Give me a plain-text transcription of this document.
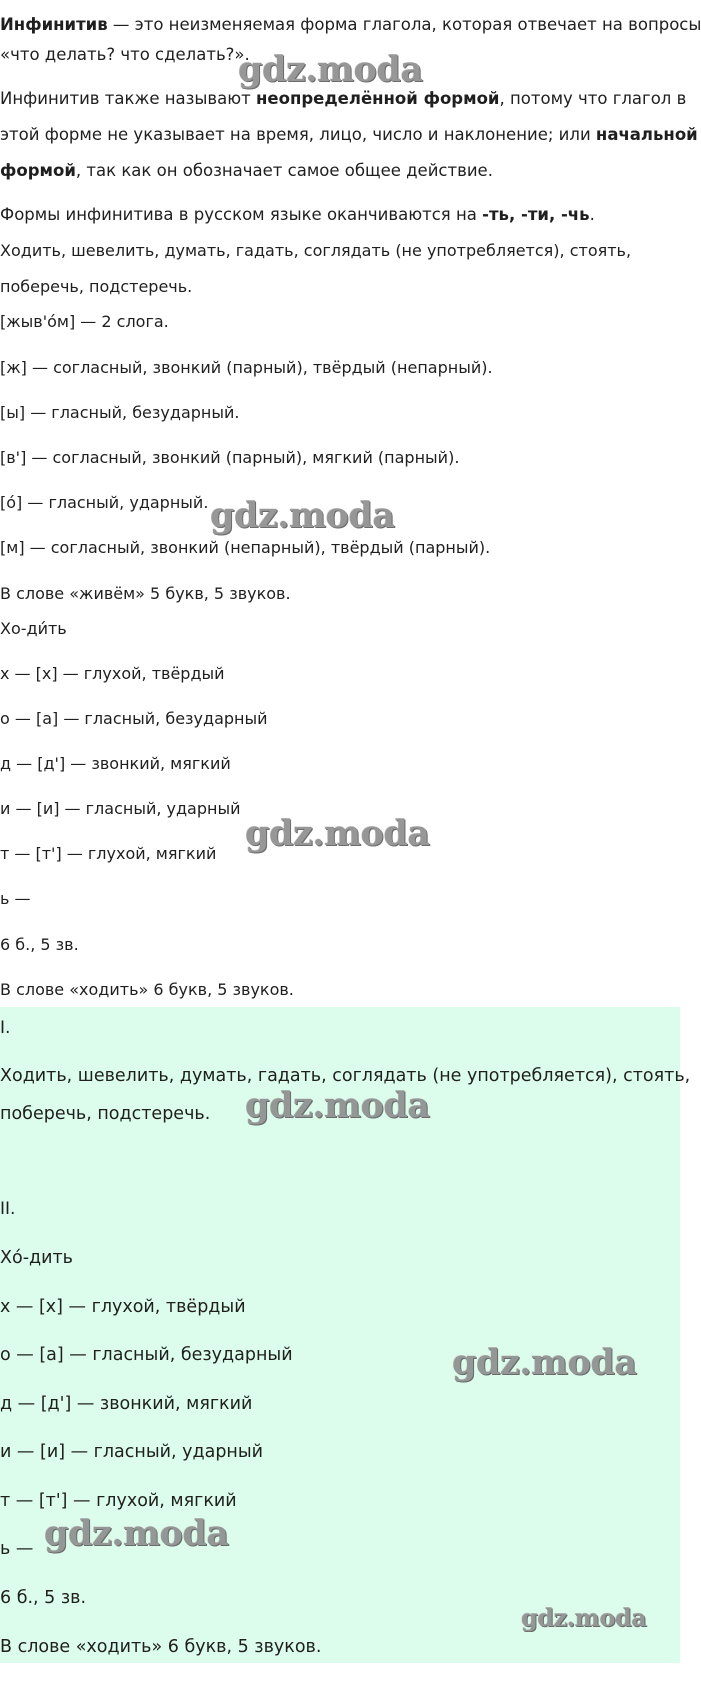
Инфинитив — это неизменяемая форма глагола, которая отвечает на вопросы
«что делать? что сделать?».
Инфинитив также называют неопределённой формой, потому что глагол в
этой форме не указывает на время, лицо, число и наклонение; или начальной
формой, так как он обозначает самое общее действие.
Формы инфинитива в русском языке оканчиваются на -ть, -ти, -чь.
Ходить, шевелить, думать, гадать, соглядать (не употребляется), стоять,
поберечь, подстеречь.
[жыв'о́м] — 2 слога.
[ж] — согласный, звонкий (парный), твёрдый (непарный).
[ы] — гласный, безударный.
[в'] — согласный, звонкий (парный), мягкий (парный).
[о́] — гласный, ударный.
[м] — согласный, звонкий (непарный), твёрдый (парный).
В слове «живём» 5 букв, 5 звуков.
Хо-ди́ть
х — [х] — глухой, твёрдый
о — [а] — гласный, безударный
д — [д'] — звонкий, мягкий
и — [и] — гласный, ударный
т — [т'] — глухой, мягкий
ь —
6 б., 5 зв.
В слове «ходить» 6 букв, 5 звуков.
I.
Ходить, шевелить, думать, гадать, соглядать (не употребляется), стоять,
поберечь, подстеречь.
II.
Хо́-дить
х — [х] — глухой, твёрдый
о — [а] — гласный, безударный
д — [д'] — звонкий, мягкий
и — [и] — гласный, ударный
т — [т'] — глухой, мягкий
ь —
6 б., 5 зв.
В слове «ходить» 6 букв, 5 звуков.
gdz.moda
gdz.moda
gdz.moda
gdz.moda
gdz.moda
gdz.moda
gdz.moda
